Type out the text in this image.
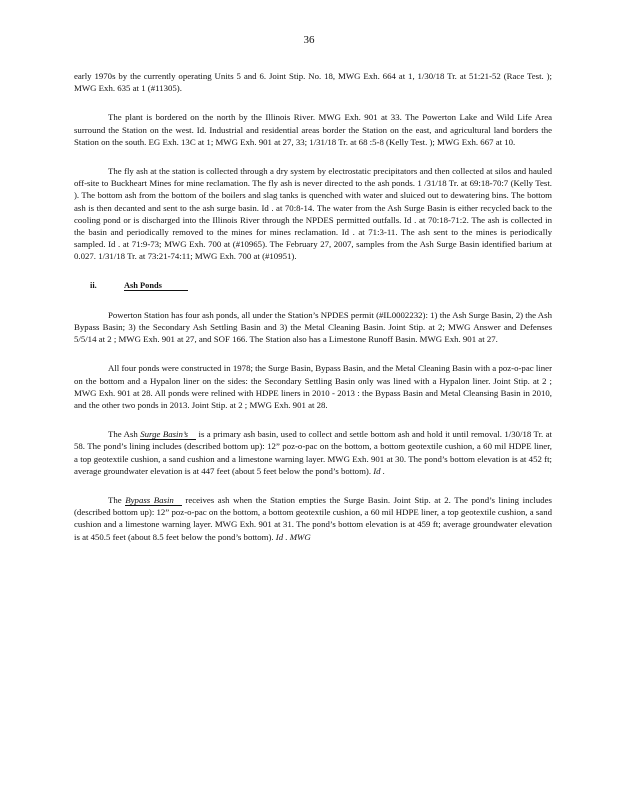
36

early 1970s by the currently operating Units 5 and 6. Joint Stip. No. 18, MWG Exh. 664 at 1, 1/30/18 Tr. at 51:21-52 (Race Test. ); MWG Exh. 635 at 1 (#11305).

The plant is bordered on the north by the Illinois River. MWG Exh. 901 at 33. The Powerton Lake and Wild Life Area surround the Station on the west. Id. Industrial and residential areas border the Station on the east, and agricultural land borders the Station on the south. EG Exh. 13C at 1; MWG Exh. 901 at 27, 33; 1/31/18 Tr. at 68 :5-8 (Kelly Test. ); MWG Exh. 667 at 10.

The fly ash at the station is collected through a dry system by electrostatic precipitators and then collected at silos and hauled off-site to Buckheart Mines for mine reclamation. The fly ash is never directed to the ash ponds. 1 /31/18 Tr. at 69:18-70:7 (Kelly Test. ). The bottom ash from the bottom of the boilers and slag tanks is quenched with water and sluiced out to dewatering bins. The bottom ash is then decanted and sent to the ash surge basin. Id . at 70:8-14. The water from the Ash Surge Basin is either recycled back to the cooling pond or is discharged into the Illinois River through the NPDES permitted outfalls. Id . at 70:18-71:2. The ash is collected in the basin and periodically removed to the mines for mines reclamation. Id . at 71:3-11. The ash sent to the mines is periodically sampled. Id . at 71:9-73; MWG Exh. 700 at (#10965). The February 27, 2007, samples from the Ash Surge Basin identified barium at 0.027. 1/31/18 Tr. at 73:21-74:11; MWG Exh. 700 at (#10951).

ii.	Ash Ponds

Powerton Station has four ash ponds, all under the Station’s NPDES permit (#IL0002232): 1) the Ash Surge Basin, 2) the Ash Bypass Basin; 3) the Secondary Ash Settling Basin and 3) the Metal Cleaning Basin. Joint Stip. at 2; MWG Answer and Defenses 5/5/14 at 2 ; MWG Exh. 901 at 27, and SOF 166. The Station also has a Limestone Runoff Basin. MWG Exh. 901 at 27.

All four ponds were constructed in 1978; the Surge Basin, Bypass Basin, and the Metal Cleaning Basin with a poz-o-pac liner on the bottom and a Hypalon liner on the sides: the Secondary Settling Basin only was lined with a Hypalon liner. Joint Stip. at 2 ; MWG Exh. 901 at 28. All ponds were relined with HDPE liners in 2010 - 2013 : the Bypass Basin and Metal Cleansing Basin in 2010, and the other two ponds in 2013. Joint Stip. at 2 ; MWG Exh. 901 at 28.

The Ash Surge Basin’s is a primary ash basin, used to collect and settle bottom ash and hold it until removal. 1/30/18 Tr. at 58. The pond’s lining includes (described bottom up): 12” poz-o-pac on the bottom, a bottom geotextile cushion, a 60 mil HDPE liner, a top geotextile cushion, a sand cushion and a limestone warning layer. MWG Exh. 901 at 30. The pond’s bottom elevation is at 452 ft; average groundwater elevation is at 447 feet (about 5 feet below the pond’s bottom). Id .

The Bypass Basin receives ash when the Station empties the Surge Basin. Joint Stip. at 2. The pond’s lining includes (described bottom up): 12” poz-o-pac on the bottom, a bottom geotextile cushion, a 60 mil HDPE liner, a top geotextile cushion, a sand cushion and a limestone warning layer. MWG Exh. 901 at 31. The pond’s bottom elevation is at 459 ft; average groundwater elevation is at 450.5 feet (about 8.5 feet below the pond’s bottom). Id . MWG
